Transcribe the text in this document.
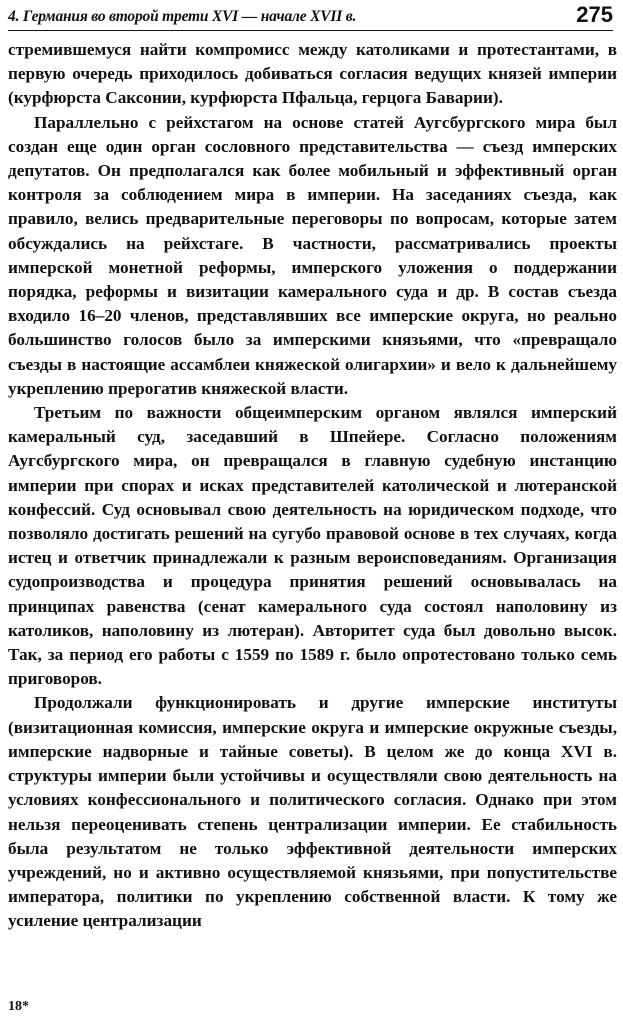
4. Германия во второй трети XVI — начале XVII в.	275

стремившемуся найти компромисс между католиками и протестантами, в первую очередь приходилось добиваться согласия ведущих князей империи (курфюрста Саксонии, курфюрста Пфальца, герцога Баварии).

Параллельно с рейхстагом на основе статей Аугсбургского мира был создан еще один орган сословного представительства — съезд имперских депутатов. Он предполагался как более мобильный и эффективный орган контроля за соблюдением мира в империи. На заседаниях съезда, как правило, велись предварительные переговоры по вопросам, которые затем обсуждались на рейхстаге. В частности, рассматривались проекты имперской монетной реформы, имперского уложения о поддержании порядка, реформы и визитации камерального суда и др. В состав съезда входило 16–20 членов, представлявших все имперские округа, но реально большинство голосов было за имперскими князьями, что «превращало съезды в настоящие ассамблеи княжеской олигархии» и вело к дальнейшему укреплению прерогатив княжеской власти.

Третьим по важности общеимперским органом являлся имперский камеральный суд, заседавший в Шпейере. Согласно положениям Аугсбургского мира, он превращался в главную судебную инстанцию империи при спорах и исках представителей католической и лютеранской конфессий. Суд основывал свою деятельность на юридическом подходе, что позволяло достигать решений на сугубо правовой основе в тех случаях, когда истец и ответчик принадлежали к разным вероисповеданиям. Организация судопроизводства и процедура принятия решений основывалась на принципах равенства (сенат камерального суда состоял наполовину из католиков, наполовину из лютеран). Авторитет суда был довольно высок. Так, за период его работы с 1559 по 1589 г. было опротестовано только семь приговоров.

Продолжали функционировать и другие имперские институты (визитационная комиссия, имперские округа и имперские окружные съезды, имперские надворные и тайные советы). В целом же до конца XVI в. структуры империи были устойчивы и осуществляли свою деятельность на условиях конфессионального и политического согласия. Однако при этом нельзя переоценивать степень централизации империи. Ее стабильность была результатом не только эффективной деятельности имперских учреждений, но и активно осуществляемой князьями, при попустительстве императора, политики по укреплению собственной власти. К тому же усиление централизации

18*
